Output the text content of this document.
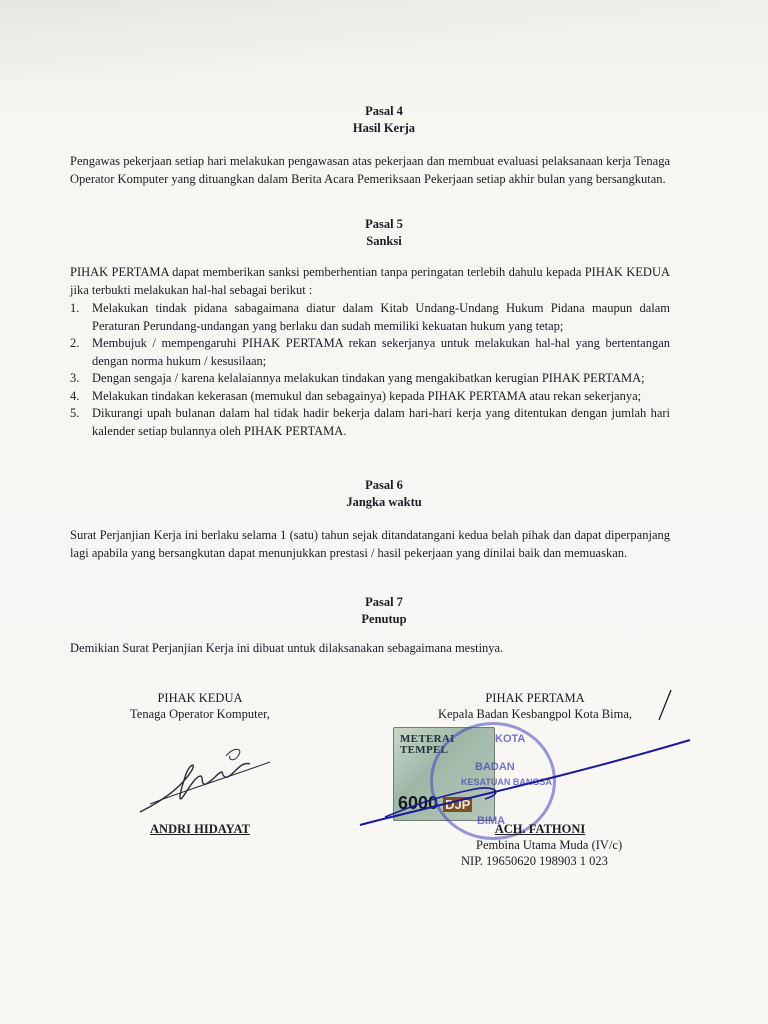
Pasal 4
Hasil Kerja
Pengawas pekerjaan setiap hari melakukan pengawasan atas pekerjaan dan membuat evaluasi pelaksanaan kerja Tenaga Operator Komputer yang dituangkan dalam Berita Acara Pemeriksaan Pekerjaan setiap akhir bulan yang bersangkutan.
Pasal 5
Sanksi
PIHAK PERTAMA dapat memberikan sanksi pemberhentian tanpa peringatan terlebih dahulu kepada PIHAK KEDUA jika terbukti melakukan hal-hal sebagai berikut :
1. Melakukan tindak pidana sabagaimana diatur dalam Kitab Undang-Undang Hukum Pidana maupun dalam Peraturan Perundang-undangan yang berlaku dan sudah memiliki kekuatan hukum yang tetap;
2. Membujuk / mempengaruhi PIHAK PERTAMA rekan sekerjanya untuk melakukan hal-hal yang bertentangan dengan norma hukum / kesusilaan;
3. Dengan sengaja / karena kelalaiannya melakukan tindakan yang mengakibatkan kerugian PIHAK PERTAMA;
4. Melakukan tindakan kekerasan (memukul dan sebagainya) kepada PIHAK PERTAMA atau rekan sekerjanya;
5. Dikurangi upah bulanan dalam hal tidak hadir bekerja dalam hari-hari kerja yang ditentukan dengan jumlah hari kalender setiap bulannya oleh PIHAK PERTAMA.
Pasal 6
Jangka waktu
Surat Perjanjian Kerja ini berlaku selama 1 (satu) tahun sejak ditandatangani kedua belah pihak dan dapat diperpanjang lagi apabila yang bersangkutan dapat menunjukkan prestasi / hasil pekerjaan yang dinilai baik dan memuaskan.
Pasal 7
Penutup
Demikian Surat Perjanjian Kerja ini dibuat untuk dilaksanakan sebagaimana mestinya.
PIHAK KEDUA
Tenaga Operator Komputer,
ANDRI HIDAYAT
PIHAK PERTAMA
Kepala Badan Kesbangpol Kota Bima,
METERAI
TEMPEL
6000 DJP
KOTA
BADAN
KESATUAN BANGSA
BIMA
ACH. FATHONI
Pembina Utama Muda (IV/c)
NIP. 19650620 198903 1 023
